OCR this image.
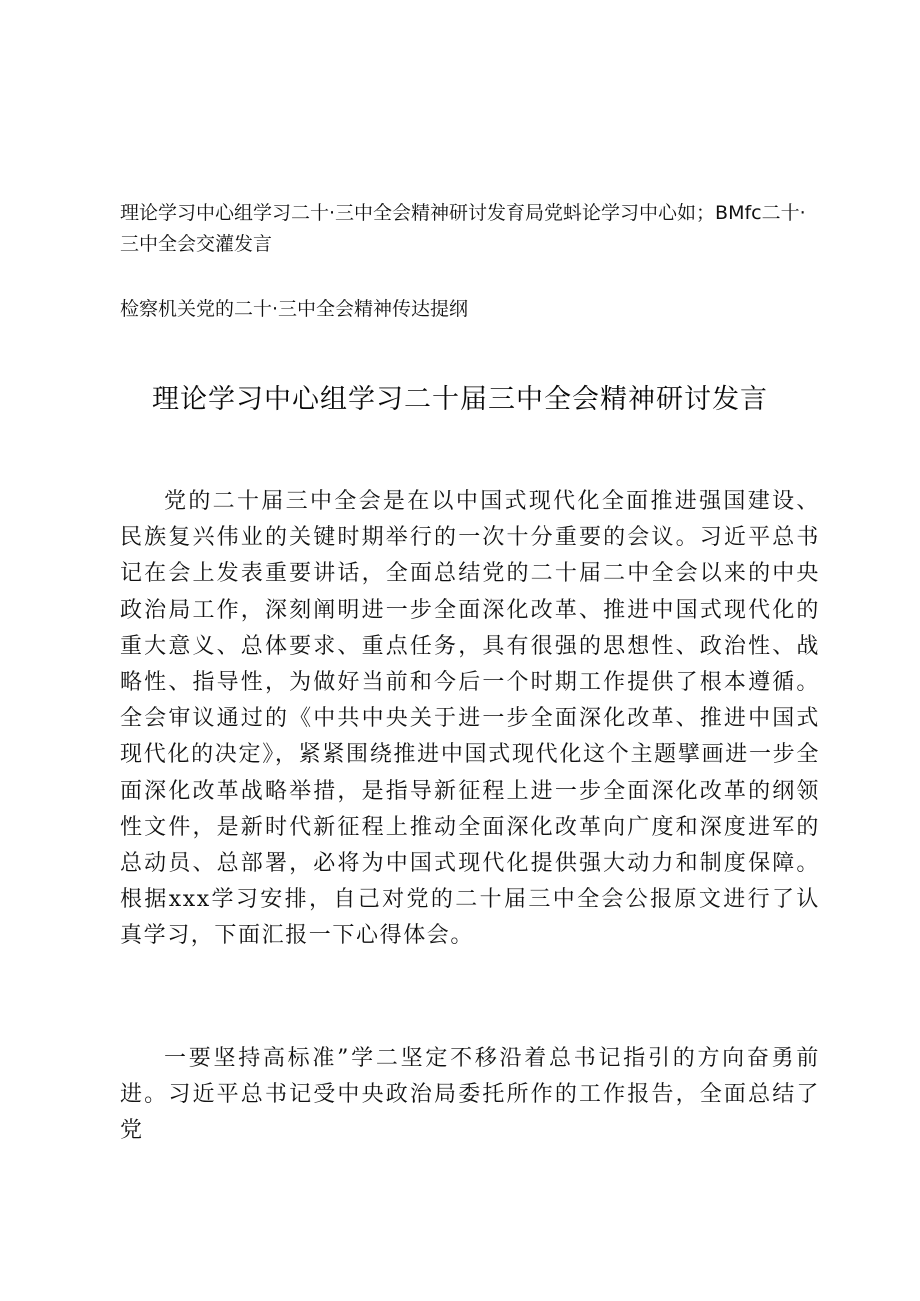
理论学习中心组学习二十·三中全会精神研讨发育局党蚪论学习中心如；BMfc二十·三中全会交灌发言
检察机关党的二十·三中全会精神传达提纲
理论学习中心组学习二十届三中全会精神研讨发言
党的二十届三中全会是在以中国式现代化全面推进强国建设、民族复兴伟业的关键时期举行的一次十分重要的会议。习近平总书记在会上发表重要讲话，全面总结党的二十届二中全会以来的中央政治局工作，深刻阐明进一步全面深化改革、推进中国式现代化的重大意义、总体要求、重点任务，具有很强的思想性、政治性、战略性、指导性，为做好当前和今后一个时期工作提供了根本遵循。全会审议通过的《中共中央关于进一步全面深化改革、推进中国式现代化的决定》，紧紧围绕推进中国式现代化这个主题擘画进一步全面深化改革战略举措，是指导新征程上进一步全面深化改革的纲领性文件，是新时代新征程上推动全面深化改革向广度和深度进军的总动员、总部署，必将为中国式现代化提供强大动力和制度保障。根据xxx学习安排，自己对党的二十届三中全会公报原文进行了认真学习，下面汇报一下心得体会。
一要坚持高标准”学二坚定不移沿着总书记指引的方向奋勇前进。习近平总书记受中央政治局委托所作的工作报告，全面总结了党
